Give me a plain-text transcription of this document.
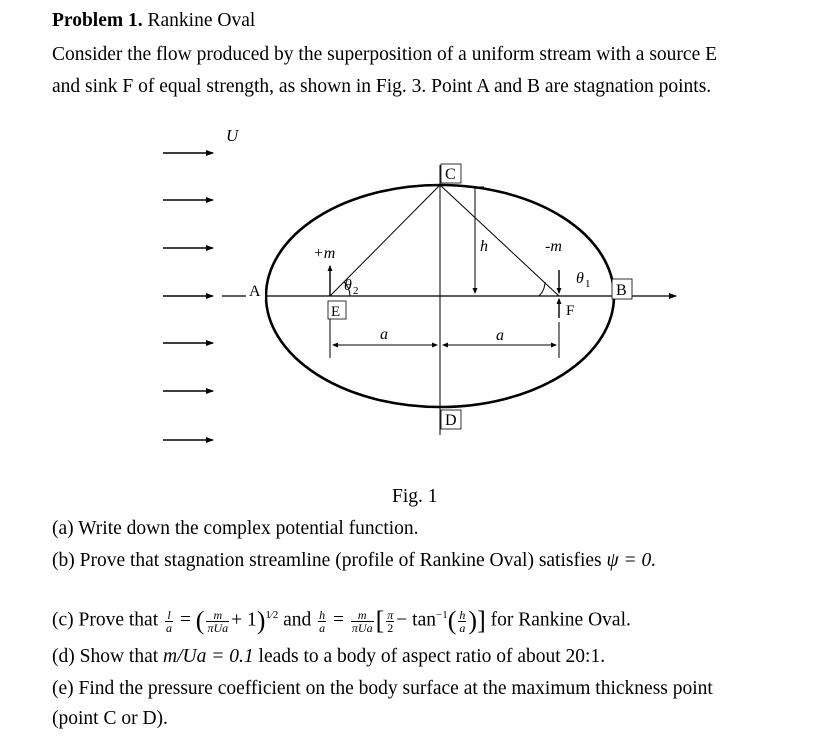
Problem 1. Rankine Oval
Consider the flow produced by the superposition of a uniform stream with a source E
and sink F of equal strength, as shown in Fig. 3. Point A and B are stagnation points.
U
A	B
C
D
E	F
+m	-m
h
a	a
θ 2
θ 1
Fig. 1
(a) Write down the complex potential function.
(b) Prove that stagnation streamline (profile of Rankine Oval) satisfies ψ = 0.
(c) Prove that $\frac{l}{a}$ = ( $\frac{m}{\text{πUa}} + 1)^{1⁄2}$ and $\frac{h}{a} = \frac{m}{\text{πUa}}$ [ $\frac{\pi}{2} - \tan^{-1}( \frac{h}{a}$ )] for Rankine Oval.
(d) Show that m/Ua = 0.1 leads to a body of aspect ratio of about 20:1.
(e) Find the pressure coefficient on the body surface at the maximum thickness point
(point C or D).
